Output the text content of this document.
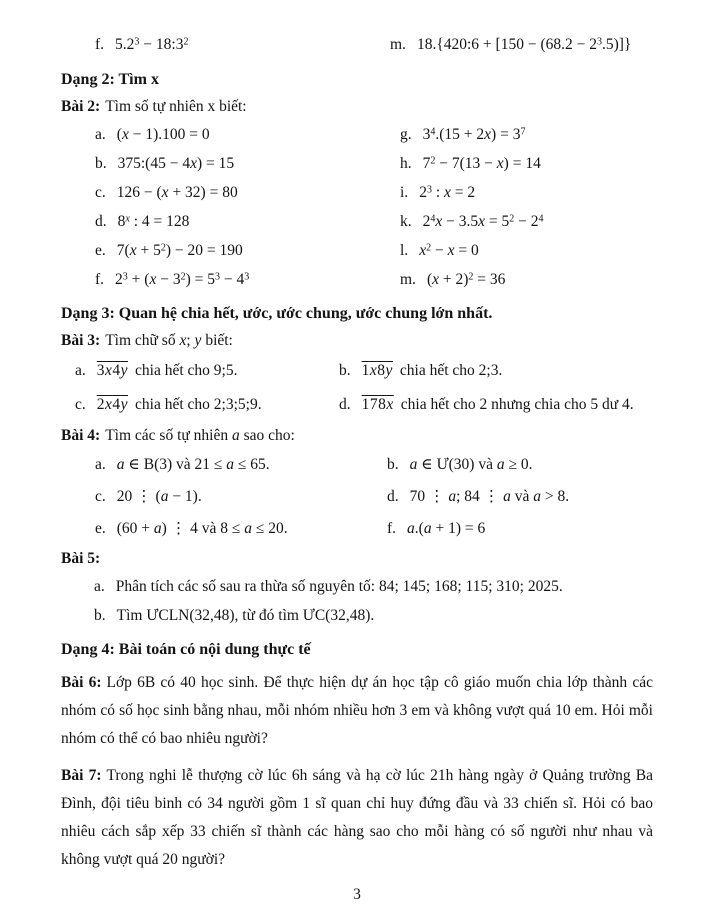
f. $5.2^3$ − $18:3^2$	m. 18.{420:6 + $[150 - (68.2 - 2^3.5)]$}
Dạng 2: Tìm x
Bài 2: Tìm số tự nhiên x biết:
a. (x − 1).100 = 0	g. $3^4.(15 + 2x) = 3^7$
b. 375:(45 − 4x) = 15	h. $7^2 - 7(13 - x) = 14$
c. 126 − (x + 32) = 80	i. $2^3$ : x = 2
d. 8$^x$ : 4 = 128	k. $2^4x - 3.5x = 5^2 - 2^4$
e. $7(x + 5^2) - 20 = 190$	l. $x^2 - x = 0$
f. $2^3 + (x - 3^2) = 5^3 - 4^3$	m. $(x + 2)^2 = 36$
Dạng 3: Quan hệ chia hết, ước, ước chung, ước chung lớn nhất.
Bài 3: Tìm chữ số x; y biết:
a. 3x4y chia hết cho 9;5.	b. 1x8y chia hết cho 2;3.
c. 2x4y chia hết cho 2;3;5;9.	d. 178x chia hết cho 2 nhưng chia cho 5 dư 4.
Bài 4: Tìm các số tự nhiên a sao cho:
a. a ∈ B(3) và 21 ≤ a ≤ 65.	b. a ∈ Ư(30) và a ≥ 0.
c. 20 ⋮ (a − 1).	d. 70 ⋮ a; 84 ⋮ a và a > 8.
e. (60 + a) ⋮ 4 và 8 ≤ a ≤ 20.	f. a.(a + 1) = 6
Bài 5:
a. Phân tích các số sau ra thừa số nguyên tố: 84; 145; 168; 115; 310; 2025.
b. Tìm ƯCLN(32,48), từ đó tìm ƯC(32,48).
Dạng 4: Bài toán có nội dung thực tế

Bài 6: Lớp 6B có 40 học sinh. Để thực hiện dự án học tập cô giáo muốn chia lớp thành các nhóm có số học sinh bằng nhau, mỗi nhóm nhiều hơn 3 em và không vượt quá 10 em. Hỏi mỗi nhóm có thể có bao nhiêu người?

Bài 7: Trong nghi lễ thượng cờ lúc 6h sáng và hạ cờ lúc 21h hàng ngày ở Quảng trường Ba Đình, đội tiêu binh có 34 người gồm 1 sĩ quan chỉ huy đứng đầu và 33 chiến sĩ. Hỏi có bao nhiêu cách sắp xếp 33 chiến sĩ thành các hàng sao cho mỗi hàng có số người như nhau và không vượt quá 20 người?

3
